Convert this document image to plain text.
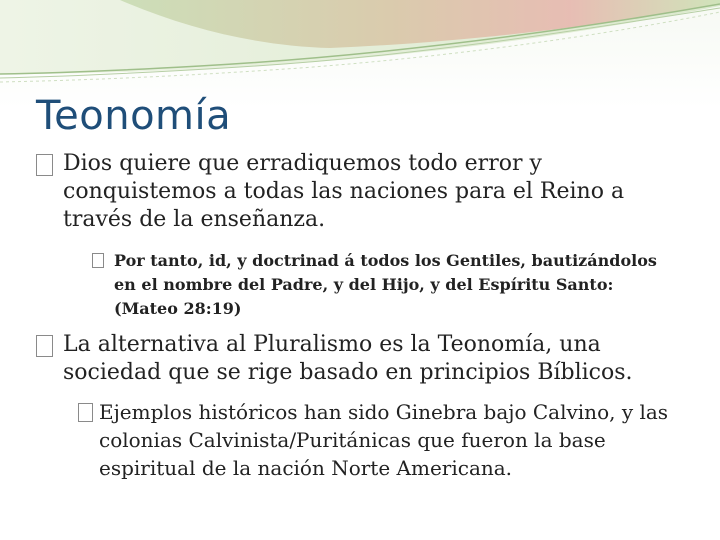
Teonomía
Dios quiere que erradiquemos todo error y conquistemos a todas las naciones para el Reino a través de la enseñanza.
Por tanto, id, y doctrinad á todos los Gentiles, bautizándolos en el nombre del Padre, y del Hijo, y del Espíritu Santo: (Mateo 28:19)
La alternativa al Pluralismo es la Teonomía, una sociedad que se rige basado en principios Bíblicos.
Ejemplos históricos han sido Ginebra bajo Calvino, y las colonias Calvinista/Puritánicas que fueron la base espiritual de la nación Norte Americana.
